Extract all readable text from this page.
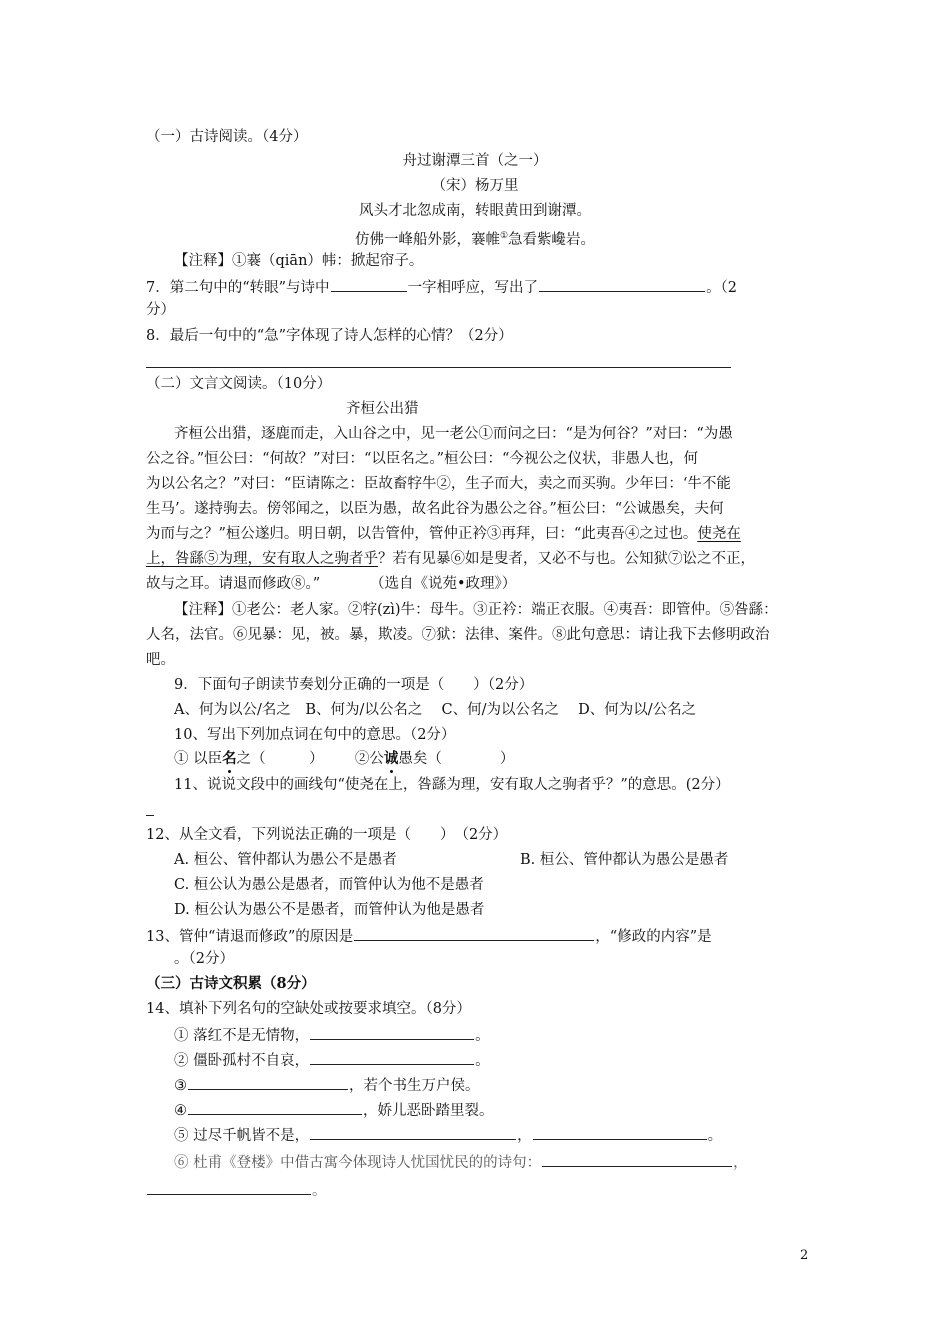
（一）古诗阅读。（4分）
舟过谢潭三首（之一）
（宋）杨万里
风头才北忽成南，转眼黄田到谢潭。
仿佛一峰船外影，褰帷①急看紫巉岩。
【注释】①褰（qiān）帏：掀起帘子。
7．第二句中的“转眼”与诗中	一字相呼应，写出了	。（2
分）
8．最后一句中的“急”字体现了诗人怎样的心情？（2分）
（二）文言文阅读。（10分）
齐桓公出猎
齐桓公出猎，逐鹿而走，入山谷之中，见一老公①而问之曰：“是为何谷？”对曰：“为愚
公之谷。”恒公曰：“何故？”对曰：“以臣名之。”桓公曰：“今视公之仪状，非愚人也，何
为以公名之？”对曰：“臣请陈之：臣故畜牸牛②，生子而大，卖之而买驹。少年曰：‘牛不能
生马’。遂持驹去。傍邻闻之，以臣为愚，故名此谷为愚公之谷。”桓公曰：“公诚愚矣，夫何
为而与之？”桓公遂归。明日朝，以告管仲，管仲正衿③再拜，曰：“此夷吾④之过也。使尧在
上，咎繇⑤为理，安有取人之驹者乎？若有见暴⑥如是叟者，又必不与也。公知狱⑦讼之不正，
故与之耳。请退而修政⑧。”	（选自《说苑•政理》）
【注释】①老公：老人家。②牸(zì)牛：母牛。③正衿：端正衣服。④夷吾：即管仲。⑤咎繇：
人名，法官。⑥见暴：见，被。暴，欺凌。⑦狱：法律、案件。⑧此句意思：请让我下去修明政治
吧。
9．下面句子朗读节奏划分正确的一项是（　　）（2分）
A、何为以公/名之　B、何为/以公名之　 C、何/为以公名之　 D、何为以/公名之
10、写出下列加点词在句中的意思。（2分）
① 以臣名之（　　　） ②公诚愚矣（　　　　）
11、说说文段中的画线句“使尧在上，咎繇为理，安有取人之驹者乎？”的意思。(2分）
12、从全文看，下列说法正确的一项是（　　）　（2分）
A. 桓公、管仲都认为愚公不是愚者	B. 桓公、管仲都认为愚公是愚者
C. 桓公认为愚公是愚者，而管仲认为他不是愚者
D. 桓公认为愚公不是愚者，而管仲认为他是愚者
13、管仲“请退而修政”的原因是	，“修政的内容”是
。（2分）
（三）古诗文积累（8分）
14、填补下列名句的空缺处或按要求填空。（8分）
① 落红不是无情物，	。
② 僵卧孤村不自哀，	。
③	，若个书生万户侯。
④	，娇儿恶卧踏里裂。
⑤ 过尽千帆皆不是，	，	。
⑥ 杜甫《登楼》中借古寓今体现诗人忧国忧民的的诗句：	，
。
2
